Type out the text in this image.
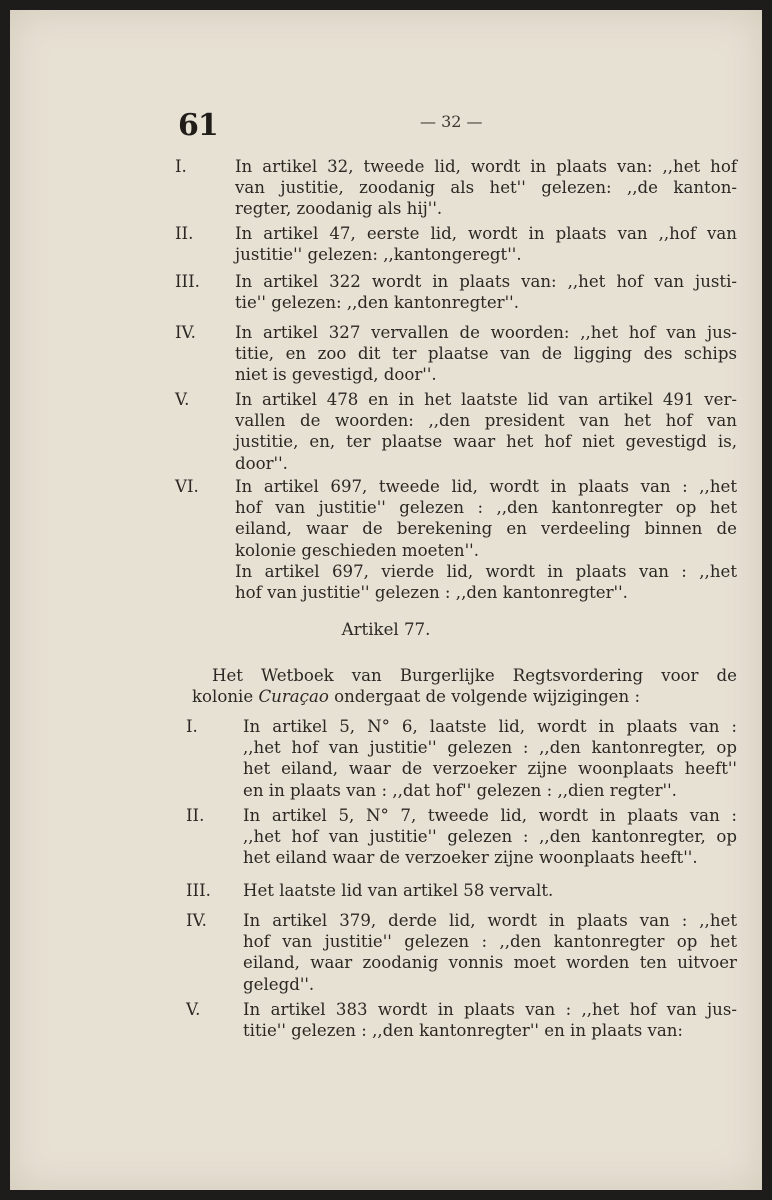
61	— 32 —
I.	In artikel 32, tweede lid, wordt in plaats van: ,,het hof
van justitie, zoodanig als het'' gelezen: ,,de kanton-
regter, zoodanig als hij''.
II.	In artikel 47, eerste lid, wordt in plaats van ,,hof van
justitie'' gelezen: ,,kantongeregt''.
III. In artikel 322 wordt in plaats van: ,,het hof van justi-
tie'' gelezen: ,,den kantonregter''.
IV. In artikel 327 vervallen de woorden: ,,het hof van jus-
titie, en zoo dit ter plaatse van de ligging des schips
niet is gevestigd, door''.
V.	In artikel 478 en in het laatste lid van artikel 491 ver-
vallen de woorden: ,,den president van het hof van
justitie, en, ter plaatse waar het hof niet gevestigd is,
door''.
VI. In artikel 697, tweede lid, wordt in plaats van : ,,het
hof van justitie'' gelezen : ,,den kantonregter op het
eiland, waar de berekening en verdeeling binnen de
kolonie geschieden moeten''.
In artikel 697, vierde lid, wordt in plaats van : ,,het
hof van justitie'' gelezen : ,,den kantonregter''.
Artikel 77.
Het Wetboek van Burgerlijke Regtsvordering voor de
kolonie Curaçao ondergaat de volgende wijzigingen :
I.	In artikel 5, N° 6, laatste lid, wordt in plaats van :
,,het hof van justitie'' gelezen : ,,den kantonregter, op
het eiland, waar de verzoeker zijne woonplaats heeft''
en in plaats van : ,,dat hof'' gelezen : ,,dien regter''.
II. In artikel 5, N° 7, tweede lid, wordt in plaats van :
,,het hof van justitie'' gelezen : ,,den kantonregter, op
het eiland waar de verzoeker zijne woonplaats heeft''.
III. Het laatste lid van artikel 58 vervalt.
IV. In artikel 379, derde lid, wordt in plaats van : ,,het
hof van justitie'' gelezen : ,,den kantonregter op het
eiland, waar zoodanig vonnis moet worden ten uitvoer
gelegd''.
V.	In artikel 383 wordt in plaats van : ,,het hof van jus-
titie'' gelezen : ,,den kantonregter'' en in plaats van:
